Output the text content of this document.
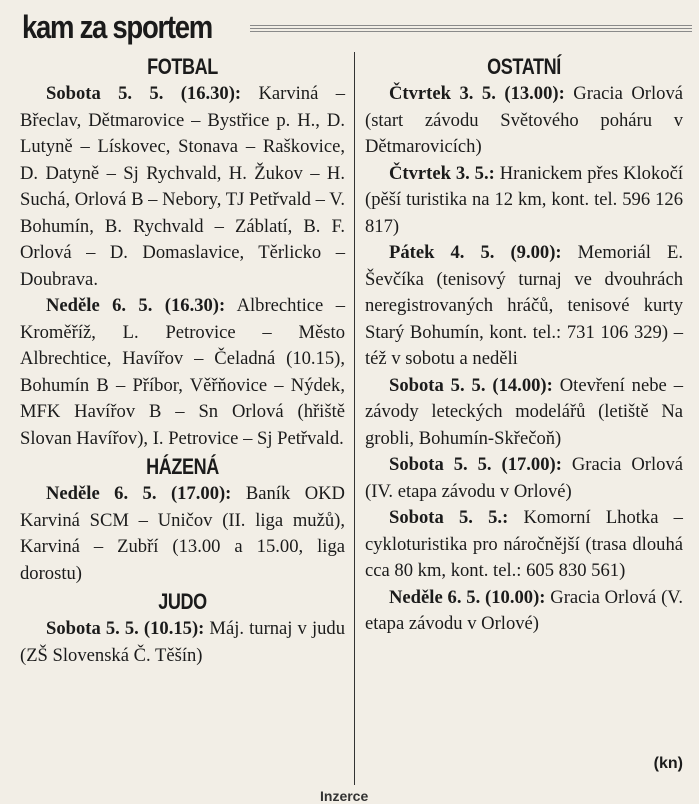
kam za sportem
FOTBAL

Sobota 5. 5. (16.30): Karviná – Břeclav, Dětmarovice – Bystřice p. H., D. Lutyně – Lískovec, Stonava – Raškovice, D. Datyně – Sj Rychvald, H. Žukov – H. Suchá, Orlová B – Nebory, TJ Petřvald – V. Bohumín, B. Rychvald – Záblatí, B. F. Orlová – D. Domaslavice, Těrlicko – Doubrava.

Neděle 6. 5. (16.30): Albrechtice – Kroměříž, L. Petrovice – Město Albrechtice, Havířov – Čeladná (10.15), Bohumín B – Příbor, Věřňovice – Nýdek, MFK Havířov B – Sn Orlová (hřiště Slovan Havířov), I. Petrovice – Sj Petřvald.

HÁZENÁ

Neděle 6. 5. (17.00): Baník OKD Karviná SCM – Uničov (II. liga mužů), Karviná – Zubří (13.00 a 15.00, liga dorostu)

JUDO

Sobota 5. 5. (10.15): Máj. turnaj v judu (ZŠ Slovenská Č. Těšín)

OSTATNÍ

Čtvrtek 3. 5. (13.00): Gracia Orlová (start závodu Světového poháru v Dětmarovicích)

Čtvrtek 3. 5.: Hranickem přes Klokočí (pěší turistika na 12 km, kont. tel. 596 126 817)

Pátek 4. 5. (9.00): Memoriál E. Ševčíka (tenisový turnaj ve dvouhrách neregistrovaných hráčů, tenisové kurty Starý Bohumín, kont. tel.: 731 106 329) – též v sobotu a neděli

Sobota 5. 5. (14.00): Otevření nebe – závody leteckých modelářů (letiště Na grobli, Bohumín-Skřečoň)

Sobota 5. 5. (17.00): Gracia Orlová (IV. etapa závodu v Orlové)

Sobota 5. 5.: Komorní Lhotka – cykloturistika pro náročnější (trasa dlouhá cca 80 km, kont. tel.: 605 830 561)

Neděle 6. 5. (10.00): Gracia Orlová (V. etapa závodu v Orlové)

(kn)
Inzerce
